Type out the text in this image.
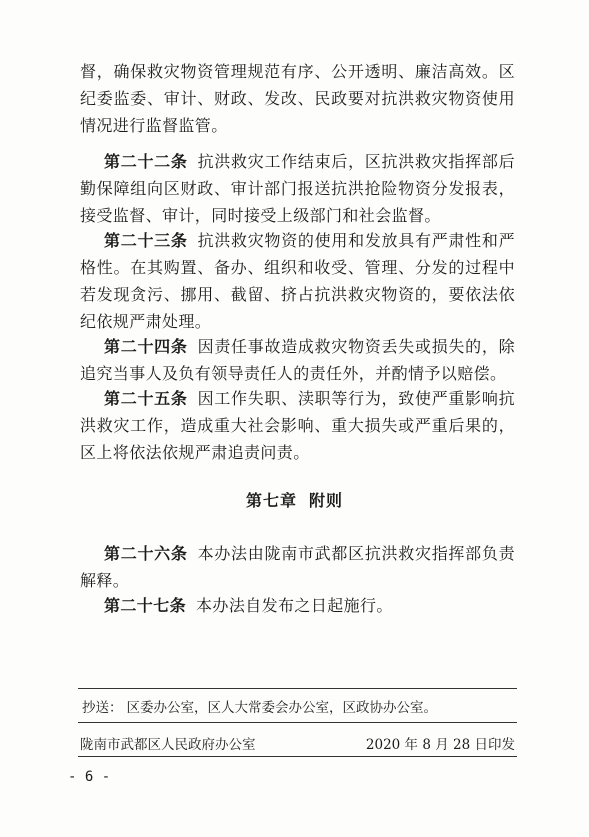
督，确保救灾物资管理规范有序、公开透明、廉洁高效。区纪委监委、审计、财政、发改、民政要对抗洪救灾物资使用情况进行监督监管。

第二十二条 抗洪救灾工作结束后，区抗洪救灾指挥部后勤保障组向区财政、审计部门报送抗洪抢险物资分发报表，接受监督、审计，同时接受上级部门和社会监督。

第二十三条 抗洪救灾物资的使用和发放具有严肃性和严格性。在其购置、备办、组织和收受、管理、分发的过程中若发现贪污、挪用、截留、挤占抗洪救灾物资的，要依法依纪依规严肃处理。

第二十四条 因责任事故造成救灾物资丢失或损失的，除追究当事人及负有领导责任人的责任外，并酌情予以赔偿。

第二十五条 因工作失职、渎职等行为，致使严重影响抗洪救灾工作，造成重大社会影响、重大损失或严重后果的，区上将依法依规严肃追责问责。

第七章 附则

第二十六条 本办法由陇南市武都区抗洪救灾指挥部负责解释。

第二十七条 本办法自发布之日起施行。

抄送： 区委办公室，区人大常委会办公室，区政协办公室。
陇南市武都区人民政府办公室	2020 年 8 月 28 日印发
- 6 -
